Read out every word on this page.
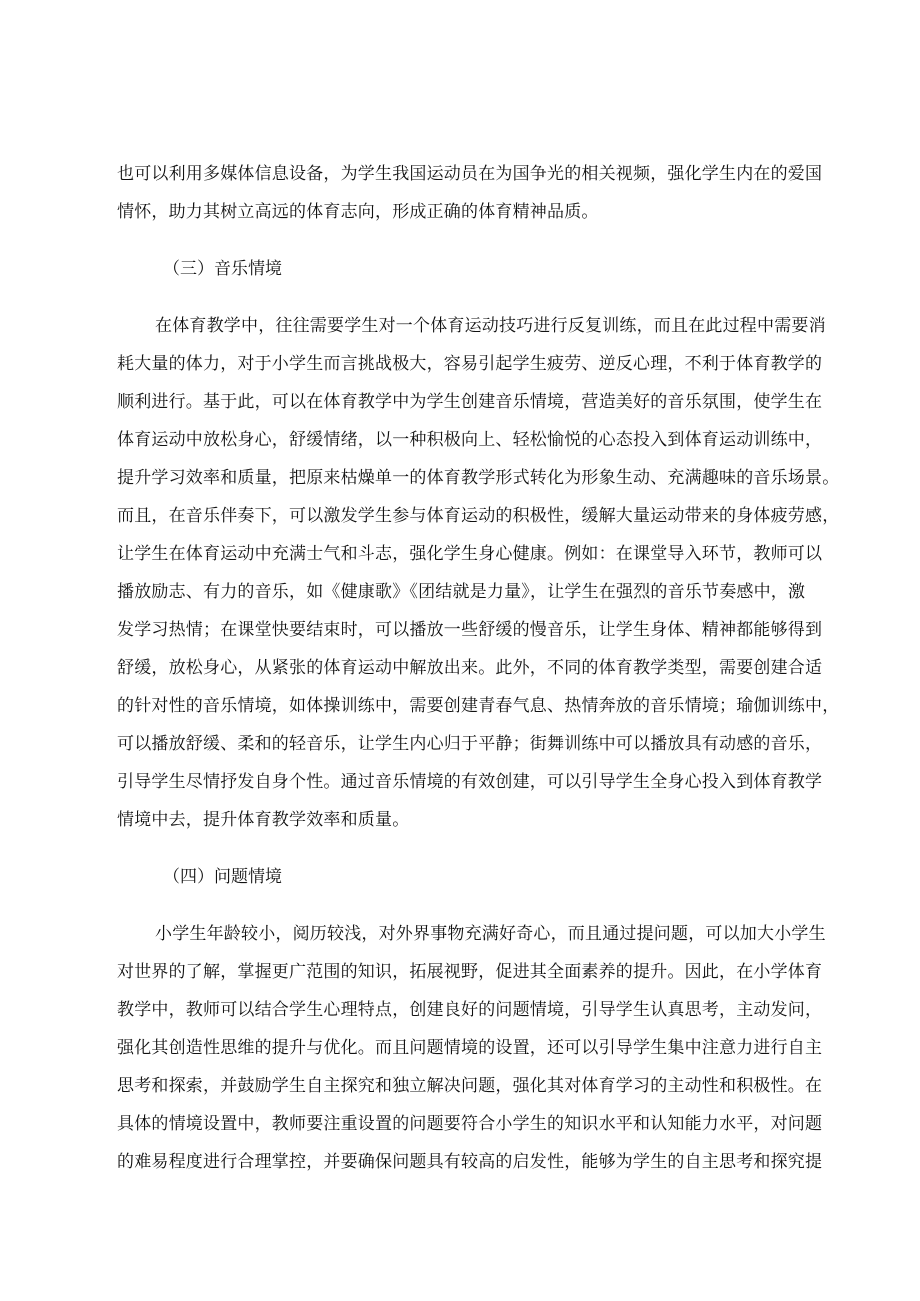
也可以利用多媒体信息设备，为学生我国运动员在为国争光的相关视频，强化学生内在的爱国
情怀，助力其树立高远的体育志向，形成正确的体育精神品质。
（三）音乐情境
在体育教学中，往往需要学生对一个体育运动技巧进行反复训练，而且在此过程中需要消
耗大量的体力，对于小学生而言挑战极大，容易引起学生疲劳、逆反心理，不利于体育教学的
顺利进行。基于此，可以在体育教学中为学生创建音乐情境，营造美好的音乐氛围，使学生在
体育运动中放松身心，舒缓情绪，以一种积极向上、轻松愉悦的心态投入到体育运动训练中，
提升学习效率和质量，把原来枯燥单一的体育教学形式转化为形象生动、充满趣味的音乐场景。
而且，在音乐伴奏下，可以激发学生参与体育运动的积极性，缓解大量运动带来的身体疲劳感，
让学生在体育运动中充满士气和斗志，强化学生身心健康。例如：在课堂导入环节，教师可以
播放励志、有力的音乐，如《健康歌》《团结就是力量》，让学生在强烈的音乐节奏感中，激
发学习热情；在课堂快要结束时，可以播放一些舒缓的慢音乐，让学生身体、精神都能够得到
舒缓，放松身心，从紧张的体育运动中解放出来。此外，不同的体育教学类型，需要创建合适
的针对性的音乐情境，如体操训练中，需要创建青春气息、热情奔放的音乐情境；瑜伽训练中，
可以播放舒缓、柔和的轻音乐，让学生内心归于平静；街舞训练中可以播放具有动感的音乐，
引导学生尽情抒发自身个性。通过音乐情境的有效创建，可以引导学生全身心投入到体育教学
情境中去，提升体育教学效率和质量。
（四）问题情境
小学生年龄较小，阅历较浅，对外界事物充满好奇心，而且通过提问题，可以加大小学生
对世界的了解，掌握更广范围的知识，拓展视野，促进其全面素养的提升。因此，在小学体育
教学中，教师可以结合学生心理特点，创建良好的问题情境，引导学生认真思考，主动发问，
强化其创造性思维的提升与优化。而且问题情境的设置，还可以引导学生集中注意力进行自主
思考和探索，并鼓励学生自主探究和独立解决问题，强化其对体育学习的主动性和积极性。在
具体的情境设置中，教师要注重设置的问题要符合小学生的知识水平和认知能力水平，对问题
的难易程度进行合理掌控，并要确保问题具有较高的启发性，能够为学生的自主思考和探究提
